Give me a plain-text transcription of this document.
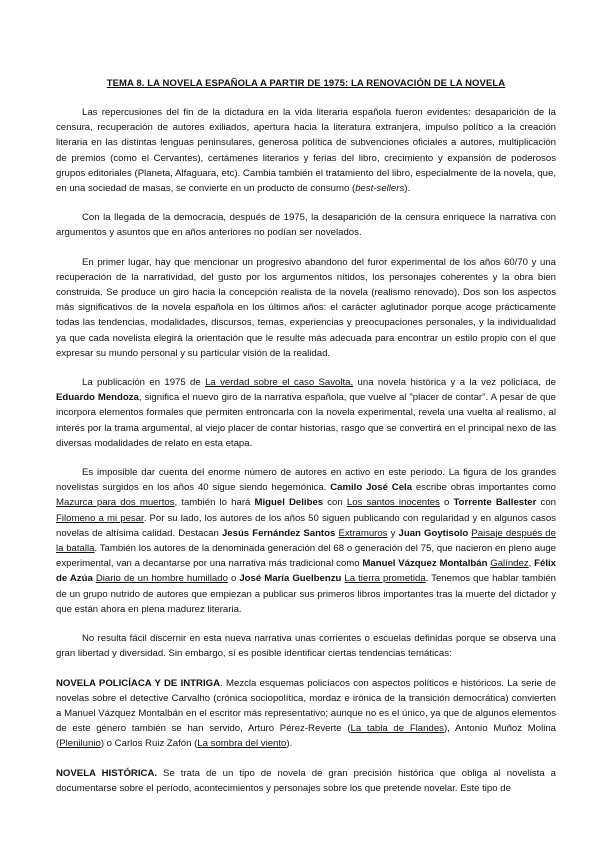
TEMA 8. LA NOVELA ESPAÑOLA A PARTIR DE 1975: LA RENOVACIÓN DE LA NOVELA

Las repercusiones del fin de la dictadura en la vida literaria española fueron evidentes: desaparición de la censura, recuperación de autores exiliados, apertura hacia la literatura extranjera, impulso político a la creación literaria en las distintas lenguas peninsulares, generosa política de subvenciones oficiales a autores, multiplicación de premios (como el Cervantes), certámenes literarios y ferias del libro, crecimiento y expansión de poderosos grupos editoriales (Planeta, Alfaguara, etc). Cambia también el tratamiento del libro, especialmente de la novela, que, en una sociedad de masas, se convierte en un producto de consumo (best-sellers).

Con la llegada de la democracia, después de 1975, la desaparición de la censura enriquece la narrativa con argumentos y asuntos que en años anteriores no podían ser novelados.

En primer lugar, hay que mencionar un progresivo abandono del furor experimental de los años 60/70 y una recuperación de la narratividad, del gusto por los argumentos nítidos, los personajes coherentes y la obra bien construida. Se produce un giro hacia la concepción realista de la novela (realismo renovado). Dos son los aspectos más significativos de la novela española en los últimos años: el carácter aglutinador porque acoge prácticamente todas las tendencias, modalidades, discursos, temas, experiencias y preocupaciones personales, y la individualidad ya que cada novelista elegirá la orientación que le resulte más adecuada para encontrar un estilo propio con el que expresar su mundo personal y su particular visión de la realidad.

La publicación en 1975 de La verdad sobre el caso Savolta, una novela histórica y a la vez policíaca, de Eduardo Mendoza, significa el nuevo giro de la narrativa española, que vuelve al "placer de contar". A pesar de que incorpora elementos formales que permiten entroncarla con la novela experimental, revela una vuelta al realismo, al interés por la trama argumental, al viejo placer de contar historias, rasgo que se convertirá en el principal nexo de las diversas modalidades de relato en esta etapa.

Es imposible dar cuenta del enorme número de autores en activo en este periodo. La figura de los grandes novelistas surgidos en los años 40 sigue siendo hegemónica. Camilo José Cela escribe obras importantes como Mazurca para dos muertos, también lo hará Miguel Delibes con Los santos inocentes o Torrente Ballester con Filomeno a mi pesar. Por su lado, los autores de los años 50 siguen publicando con regularidad y en algunos casos novelas de altísima calidad. Destacan Jesús Fernández Santos Extramuros y Juan Goytisolo Paisaje después de la batalla. También los autores de la denominada generación del 68 o generación del 75, que nacieron en pleno auge experimental, van a decantarse por una narrativa más tradicional como Manuel Vázquez Montalbán Galíndez, Félix de Azúa Diario de un hombre humillado o José María Guelbenzu La tierra prometida. Tenemos que hablar también de un grupo nutrido de autores que empiezan a publicar sus primeros libros importantes tras la muerte del dictador y que están ahora en plena madurez literaria.

No resulta fácil discernir en esta nueva narrativa unas corrientes o escuelas definidas porque se observa una gran libertad y diversidad. Sin embargo, sí es posible identificar ciertas tendencias temáticas:

NOVELA POLICÍACA Y DE INTRIGA. Mezcla esquemas policíacos con aspectos políticos e históricos. La serie de novelas sobre el detective Carvalho (crónica sociopolítica, mordaz e irónica de la transición democrática) convierten a Manuel Vázquez Montalbán en el escritor más representativo; aunque no es el único, ya que de algunos elementos de este género también se han servido, Arturo Pérez-Reverte (La tabla de Flandes), Antonio Muñoz Molina (Plenilunio) o Carlos Ruiz Zafón (La sombra del viento).

NOVELA HISTÓRICA. Se trata de un tipo de novela de gran precisión histórica que obliga al novelista a documentarse sobre el período, acontecimientos y personajes sobre los que pretende novelar. Este tipo de
